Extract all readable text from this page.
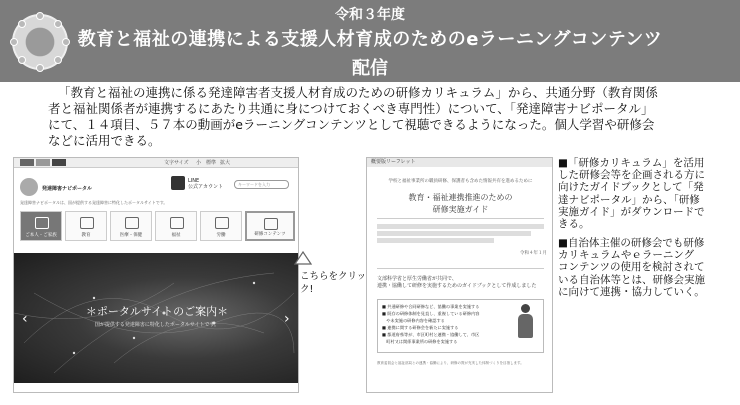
令和３年度
教育と福祉の連携による支援人材育成のためのeラーニングコンテンツ
配信
「教育と福祉の連携に係る発達障害者支援人材育成のための研修カリキュラム」から、共通分野（教育関係
者と福祉関係者が連携するにあたり共通に身につけておくべき専門性）について、「発達障害ナビポータル」
にて、１４項目、５７本の動画がeラーニングコンテンツとして視聴できるようになった。個人学習や研修会
などに活用できる。
文字サイズ 小 標準 拡大
発達障害ナビポータル
LINE
公式アカウント	キーワードを入力
発達障害ナビポータルは、国が提供する発達障害に特化したポータルサイトです。
ご本人・ご家族	教育	医療・保健	福祉	労働	研修コンテンツ
＊ポータルサイトのご案内＊
国が提供する発達障害に特化したポータルサイトです。
‹	›
こちらをクリッ
ク!
概要版リーフレット
学校と福祉事業所の職員研修、保護者も含めた情報共有を進めるために
教育・福祉連携推進のための
研修実施ガイド
令和４年１月
文部科学省と厚生労働省が共同で、
連携・協働して研修を実施するためのガイドブックとして作成しました
■ 共通研修や合同研修など、協働の事業を実施する
■ 既存の研修体制を見直し、重複している研修内容
　や未実施の研修内容を確認する
■ 連携に関する研修会を新たに実施する
■ 都道府県等が、市区町村と連携・協働して、市区
　町村又は関係事業所の研修を実施する
教育委員会と福祉部局との連携・協働により、研修の質が充実した体制づくりを目指します。
■「研修カリキュラム」を活用
した研修会等を企画される方に
向けたガイドブックとして「発
達ナビポータル」から、「研修
実施ガイド」がダウンロードで
きる。
■自治体主催の研修会でも研修
カリキュラムやｅラーニング
コンテンツの使用を検討されて
いる自治体等とは、研修会実施
に向けて連携・協力していく。
